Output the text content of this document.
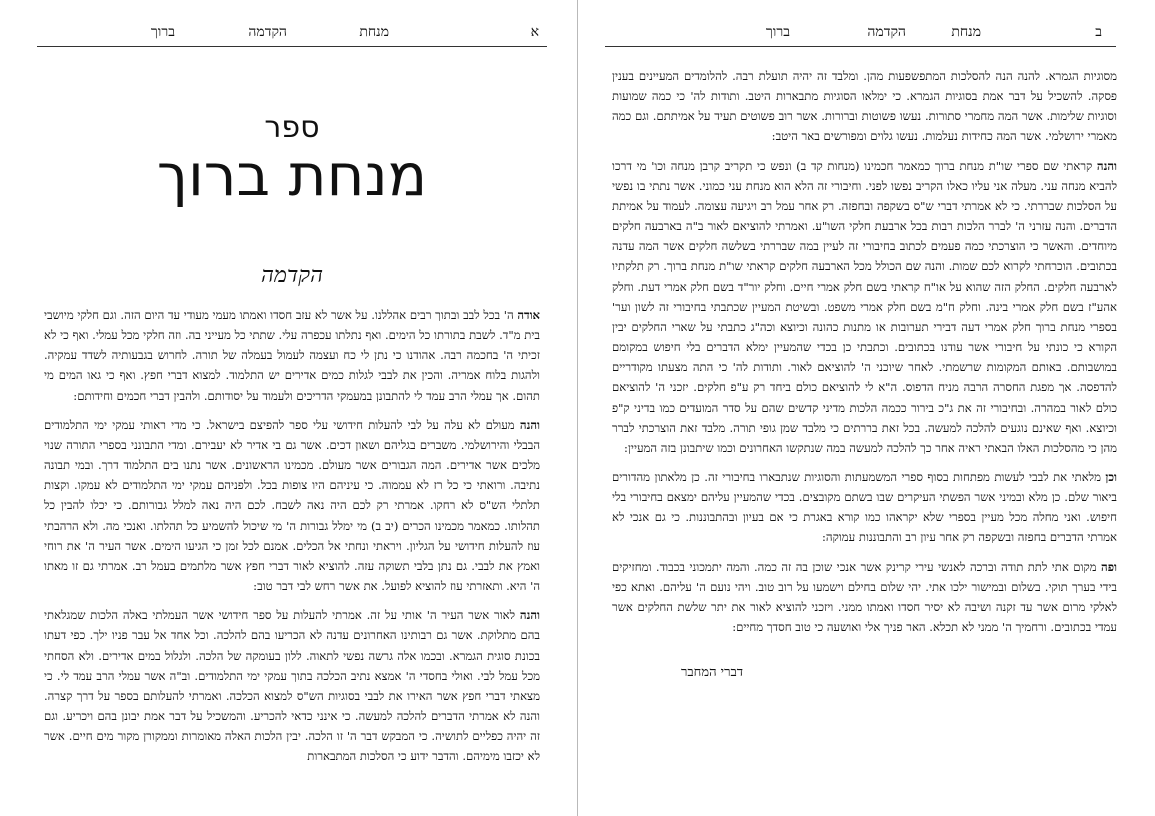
א
מנחת
הקדמה
ברוך
ספר
מנחת ברוך
הקדמה

אודה ה' בכל לבב ובתוך רבים אהללנו. על אשר לא עזב חסדו ואמתו מעמי מעודי עד היום הזה. וגם חלקי מיושבי בית מ"ד. לשבת בתורתו כל הימים. ואף נתלתו עכפרה עלי. שתתי כל מעייני בה. וזה חלקי מכל עמלי. ואף כי לא זכיתי ה' בחכמה רבה. אהודנו כי נתן לי כח ועצמה לעמול בעמלה של תורה. לחרוש בגבעותיה לשדד עמקיה. ולהגות בלוח אמריה. והכין את לבבי לגלות כמים אדירים יש התלמוד. למצוא דברי חפץ. ואף כי גאו המים מי תהום. אך עמלי הרב עמד לי להתבונן במעמקי הדריכים ולעמוד על יסודותם. ולהבין דברי חכמים וחידותם:

והנה מעולם לא עלה על לבי להעלות חידושי עלי ספר להפיצם בישראל. כי מדי ראותי עמקי ימי התלמודים הבבלי והירושלמי. משברים בגליהם ושאון דכים. אשר גם בי אדיר לא יעבירם. ומדי התבונני בספרי התורה שנוי מלכים אשר אדירים. המה הגבורים אשר מעולם. מכמינו הראשונים. אשר נתנו בים התלמוד דרך. ובמי תבונה נתיבה. ורואתי כי כל רז לא עממוה. כי עיניהם היו צופות בכל. ולפניהם עמקי ימי התלמודים לא עמקו. וקצות תלתלי הש"ס לא רחקו. אמרתי רק לכם היה נאה לשבח. לכם היה נאה למלל גבורותם. כי יכלו להבין כל תהלותו. כמאמר מכמינו הכרים (יב ב) מי ימלל גבורות ה' מי שיכול להשמיע כל תהלתו. ואנכי מה. ולא הרהבתי עוז להעלות חידושי על הגליון. ויראתי ונחתי אל הכלים. אמנם לכל זמן כי הגיעו הימים. אשר העיר ה' את רוחי ואמץ את לבבי. גם נתן בלבי תשוקה עזה. להוציא לאור דברי חפץ אשר מלתמים בעמל רב. אמרתי גם זו מאתו ה' היא. ותאזרתי עוז להוציא לפועל. את אשר רחש לבי דבר טוב:

והנה לאור אשר העיר ה' אותי על זה. אמרתי להעלות על ספר חידושי אשר העמלתי באלה הלכות שמגלאתי בהם מתלוקת. אשר גם רבותינו האחרונים עדנה לא הכריעו בהם להלכה. וכל אחד אל עבר פניו ילך. כפי דעתו בכונת סוגית הגמרא. ובכמו אלה גרשה נפשי לתאוה. ללון בעומקה של הלכה. ולגלול במים אדירים. ולא הסחתי מכל עמל לבי. ואולי בחסדי ה' אמצא נתיב הכלכה בתוך עמקי ימי התלמודים. וב"ה אשר עמלי הרב עמד לי. כי מצאתי דברי חפץ אשר האירו את לבבי בסוגיות הש"ס למצוא הכלכה. ואמרתי להעלותם בספר על דרך קצרה. והנה לא אמרתי הדברים להלכה למעשה. כי אינני כדאי להכריע. והמשכיל על דבר אמת יבונן בהם ויכריע. וגם זה יהיה כפליים לתושיה. כי המבקש דבר ה' זו הלכה. יבין הלכות האלה מאומרות וממקורן מקור מים חיים. אשר לא יכזבו מימיהם. והדבר ידוע כי הסלכות המתבארות

ב
מנחת
הקדמה
ברוך

מסוגיות הגמרא. להנה הנה להסלכות המתפשפעות מהן. ומלבד זה יהיה תועלת רבה. להלומדים המעיינים בענין פסקה. להשכיל על דבר אמת בסוגיות הגמרא. כי ימלאו הסוגיות מתבארות היטב. ותודות לה' כי כמה שמועות וסוגיות שלימות. אשר המה מחמרי סתורות. נעשו פשוטות וברורות. אשר רוב פשוטים תעיד על אמיתתם. וגם כמה מאמרי ירושלמי. אשר המה כחידות נעלמות. נעשו גלוים ומפורשים באר היטב:

והנה קראתי שם ספרי שו"ת מנחת ברוך כמאמר חכמינו (מנחות קד ב) ונפש כי תקריב קרבן מנחה וכו' מי דרכו להביא מנחה עני. מעלה אני עליו כאלו הקריב נפשו לפני. וחיבורי זה הלא הוא מנחת עני כמוני. אשר נתתי בו נפשי על הסלכות שבררתי. כי לא אמרתי דברי ש"ס בשקפה ובחפזה. רק אחר עמל רב ויגיעה עצומה. לעמוד על אמיתת הדברים. והנה עזרני ה' לברר הלכות רבות בכל ארבעת חלקי השו"ע. ואמרתי להוציאם לאור ב"ה בארבעה חלקים מיוחדים. והאשר כי הוצרכתי כמה פעמים לכתוב בחיבורי זה לעיין במה שבררתי בשלשה חלקים אשר המה עדנה בכתובים. הוכרחתי לקרוא לכם שמות. והנה שם הכולל מכל הארבעה חלקים קראתי שו"ת מנחת ברוך. רק תלקתיו לארבעה חלקים. החלק הזה שהוא על או"ח קראתי בשם חלק אמרי חיים. וחלק יור"ד בשם חלק אמרי דעת. וחלק אהע"ז בשם חלק אמרי בינה. וחלק ח"מ בשם חלק אמרי משפט. ובשיטת המעיין שכתבתי בחיבורי זה לשון וער' בספרי מנחת ברוך חלק אמרי דעה דבירי תערובות או מתנות כהונה וכיוצא וכה"ג כתבתי על שארי החלקים יבין הקורא כי כונתי על חיבורי אשר עודנו בכתובים. וכתבתי כן בכדי שהמעיין ימלא הדברים בלי חיפוש במקומם במושבותם. באותם המקומות שרשמתי. לאחר שיוכני ה' להוציאם לאור. ותודות לה' כי התה מצעתו מקודריים להדפסה. אך מפגת החסרה הרבה מניח הדפוס. ה"א לי להוציאם כולם ביחד רק ע"פ חלקים. יזכני ה' להוציאם כולם לאור במהרה. ובחיבורי זה את ג"כ בירור ככמה הלכות מדיני קדשים שהם על סדר המועדים כמו בדיני ק"פ וכיוצא. ואף שאינם נוגעים להלכה למעשה. בכל זאת בררתים כי מלבד שמן גופי תורה. מלבד זאת הוצרכתי לברר מהן כי מהסלכות האלו הבאתי ראיה אחר כך להלכה למעשה במה שנתקשו האחרונים וכמו שיתבונן בזה המעיין:

וכן מלאתי את לבבי לעשות מפתחות בסוף ספרי המשמעתות והסוגיות שנתבארו בחיבורי זה. כן מלאתון מהדורים ביאור שלם. כן מלא ובמיני אשר הפשתי העיקרים שבו בשתם מקובצים. בכדי שהמעיין עליהם ימצאם בחיבורי בלי חיפוש. ואני מחלה מכל מעיין בספרי שלא יקראהו כמו קורא באגרת כי אם בעיון ובהתבוננות. כי גם אנכי לא אמרתי הדברים בחפזה ובשקפה רק אחר עיון רב והתבוננות עמוקה:

ופה מקום אתי לתת תודה וברכה לאנשי עירי קרינק אשר אנכי שוכן בה זה כמה. והמה יתמכוני בכבוד. ומחזיקים בידי בערך תוקי. בשלום ובמישור ילכו אתי. יהי שלום בחילם וישמעו על רוב טוב. ויהי נועם ה' עליהם. ואתא כפי לאלקי מרום אשר עד זקנה ושיבה לא יסיר חסדו ואמתו ממני. ויזכני להוציא לאור את יתר שלשת החלקים אשר עמדי בכתובים. ורחמיך ה' ממני לא תכלא. האר פניך אלי ואושעה כי טוב חסדך מחיים:

דברי המחבר
